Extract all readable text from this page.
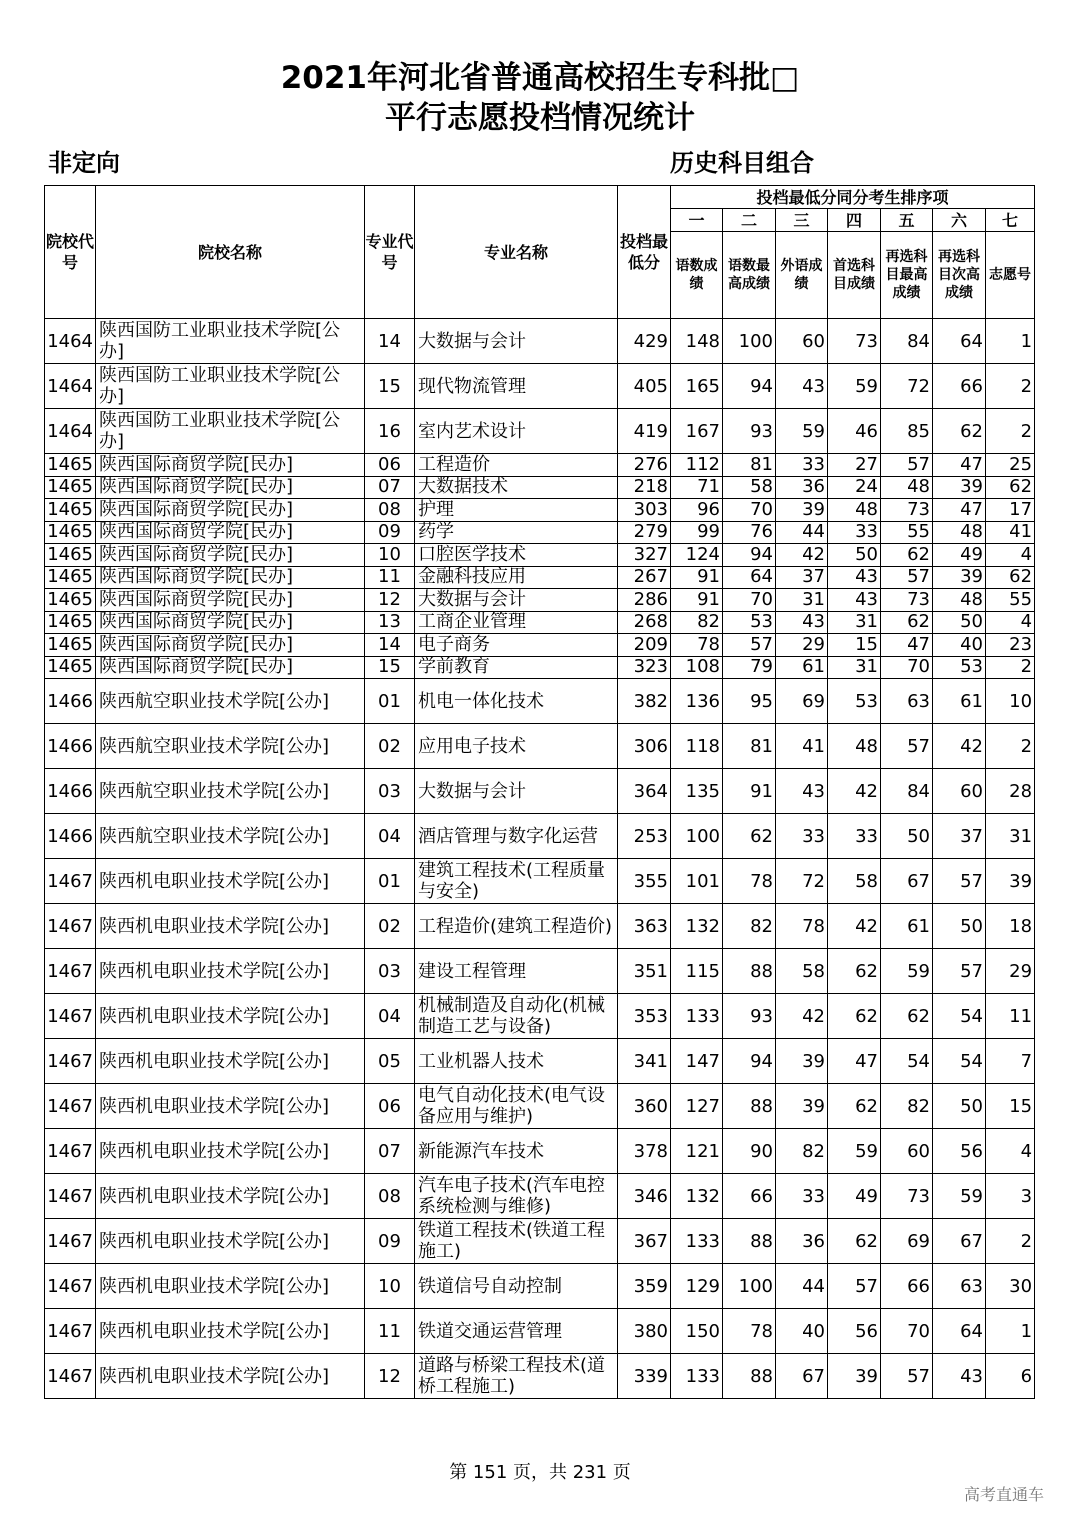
2021年河北省普通高校招生专科批□
平行志愿投档情况统计
非定向	历史科目组合
院校代号	院校名称	专业代号	专业名称	投档最低分	投档最低分同分考生排序项						
					一	二	三	四	五	六	七
					语数成绩	语数最高成绩	外语成绩	首选科目成绩	再选科目最高成绩	再选科目次高成绩	志愿号
1464	陕西国防工业职业技术学院[公办]	14	大数据与会计	429	148	100	60	73	84	64	1
1464	陕西国防工业职业技术学院[公办]	15	现代物流管理	405	165	94	43	59	72	66	2
1464	陕西国防工业职业技术学院[公办]	16	室内艺术设计	419	167	93	59	46	85	62	2
1465	陕西国际商贸学院[民办]	06	工程造价	276	112	81	33	27	57	47	25
1465	陕西国际商贸学院[民办]	07	大数据技术	218	71	58	36	24	48	39	62
1465	陕西国际商贸学院[民办]	08	护理	303	96	70	39	48	73	47	17
1465	陕西国际商贸学院[民办]	09	药学	279	99	76	44	33	55	48	41
1465	陕西国际商贸学院[民办]	10	口腔医学技术	327	124	94	42	50	62	49	4
1465	陕西国际商贸学院[民办]	11	金融科技应用	267	91	64	37	43	57	39	62
1465	陕西国际商贸学院[民办]	12	大数据与会计	286	91	70	31	43	73	48	55
1465	陕西国际商贸学院[民办]	13	工商企业管理	268	82	53	43	31	62	50	4
1465	陕西国际商贸学院[民办]	14	电子商务	209	78	57	29	15	47	40	23
1465	陕西国际商贸学院[民办]	15	学前教育	323	108	79	61	31	70	53	2
1466	陕西航空职业技术学院[公办]	01	机电一体化技术	382	136	95	69	53	63	61	10
1466	陕西航空职业技术学院[公办]	02	应用电子技术	306	118	81	41	48	57	42	2
1466	陕西航空职业技术学院[公办]	03	大数据与会计	364	135	91	43	42	84	60	28
1466	陕西航空职业技术学院[公办]	04	酒店管理与数字化运营	253	100	62	33	33	50	37	31
1467	陕西机电职业技术学院[公办]	01	建筑工程技术(工程质量与安全)	355	101	78	72	58	67	57	39
1467	陕西机电职业技术学院[公办]	02	工程造价(建筑工程造价)	363	132	82	78	42	61	50	18
1467	陕西机电职业技术学院[公办]	03	建设工程管理	351	115	88	58	62	59	57	29
1467	陕西机电职业技术学院[公办]	04	机械制造及自动化(机械制造工艺与设备)	353	133	93	42	62	62	54	11
1467	陕西机电职业技术学院[公办]	05	工业机器人技术	341	147	94	39	47	54	54	7
1467	陕西机电职业技术学院[公办]	06	电气自动化技术(电气设备应用与维护)	360	127	88	39	62	82	50	15
1467	陕西机电职业技术学院[公办]	07	新能源汽车技术	378	121	90	82	59	60	56	4
1467	陕西机电职业技术学院[公办]	08	汽车电子技术(汽车电控系统检测与维修)	346	132	66	33	49	73	59	3
1467	陕西机电职业技术学院[公办]	09	铁道工程技术(铁道工程施工)	367	133	88	36	62	69	67	2
1467	陕西机电职业技术学院[公办]	10	铁道信号自动控制	359	129	100	44	57	66	63	30
1467	陕西机电职业技术学院[公办]	11	铁道交通运营管理	380	150	78	40	56	70	64	1
1467	陕西机电职业技术学院[公办]	12	道路与桥梁工程技术(道桥工程施工)	339	133	88	67	39	57	43	6
第 151 页，共 231 页
高考直通车
